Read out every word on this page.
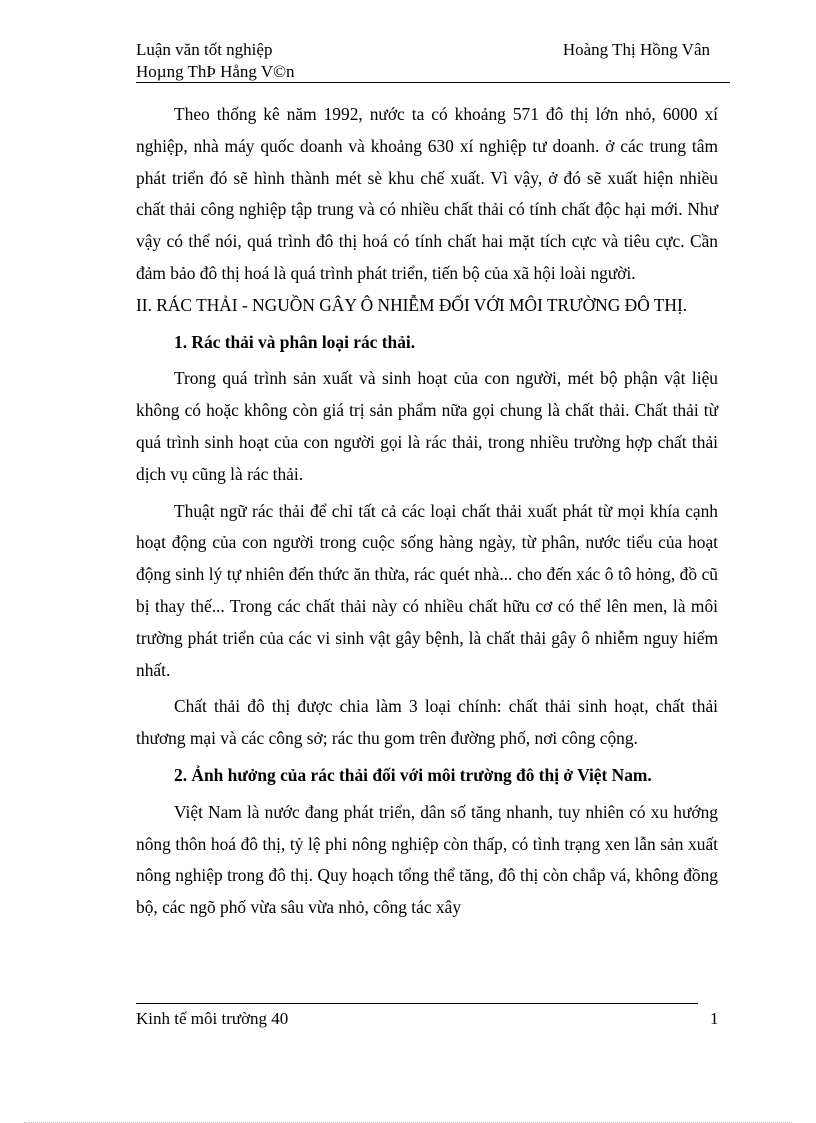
Luận văn tốt nghiệp	Hoàng Thị Hồng Vân
Hoµng ThÞ Hång V©n

Theo thống kê năm 1992, nước ta có khoảng 571 đô thị lớn nhỏ, 6000 xí nghiệp, nhà máy quốc doanh và khoảng 630 xí nghiệp tư doanh. ở các trung tâm phát triển đó sẽ hình thành mét sè khu chế xuất. Vì vậy, ở đó sẽ xuất hiện nhiều chất thải công nghiệp tập trung và có nhiều chất thải có tính chất độc hại mới. Như vậy có thể nói, quá trình đô thị hoá có tính chất hai mặt tích cực và tiêu cực. Cần đảm bảo đô thị hoá là quá trình phát triển, tiến bộ của xã hội loài người.

II. RÁC THẢI - NGUỒN GÂY Ô NHIỄM ĐỐI VỚI MÔI TRƯỜNG ĐÔ THỊ.

1. Rác thải và phân loại rác thải.

Trong quá trình sản xuất và sinh hoạt của con người, mét bộ phận vật liệu không có hoặc không còn giá trị sản phẩm nữa gọi chung là chất thải. Chất thải từ quá trình sinh hoạt của con người gọi là rác thải, trong nhiều trường hợp chất thải dịch vụ cũng là rác thải.

Thuật ngữ rác thải để chỉ tất cả các loại chất thải xuất phát từ mọi khía cạnh hoạt động của con người trong cuộc sống hàng ngày, từ phân, nước tiểu của hoạt động sinh lý tự nhiên đến thức ăn thừa, rác quét nhà... cho đến xác ô tô hỏng, đồ cũ bị thay thế... Trong các chất thải này có nhiều chất hữu cơ có thể lên men, là môi trường phát triển của các vi sinh vật gây bệnh, là chất thải gây ô nhiễm nguy hiểm nhất.

Chất thải đô thị được chia làm 3 loại chính: chất thải sinh hoạt, chất thải thương mại và các công sở; rác thu gom trên đường phố, nơi công cộng.

2. Ảnh hưởng của rác thải đối với môi trường đô thị ở Việt Nam.

Việt Nam là nước đang phát triển, dân số tăng nhanh, tuy nhiên có xu hướng nông thôn hoá đô thị, tỷ lệ phi nông nghiệp còn thấp, có tình trạng xen lẫn sản xuất nông nghiệp trong đô thị. Quy hoạch tổng thể tăng, đô thị còn chắp vá, không đồng bộ, các ngõ phố vừa sâu vừa nhỏ, công tác xây

Kinh tế môi trường 40	1
